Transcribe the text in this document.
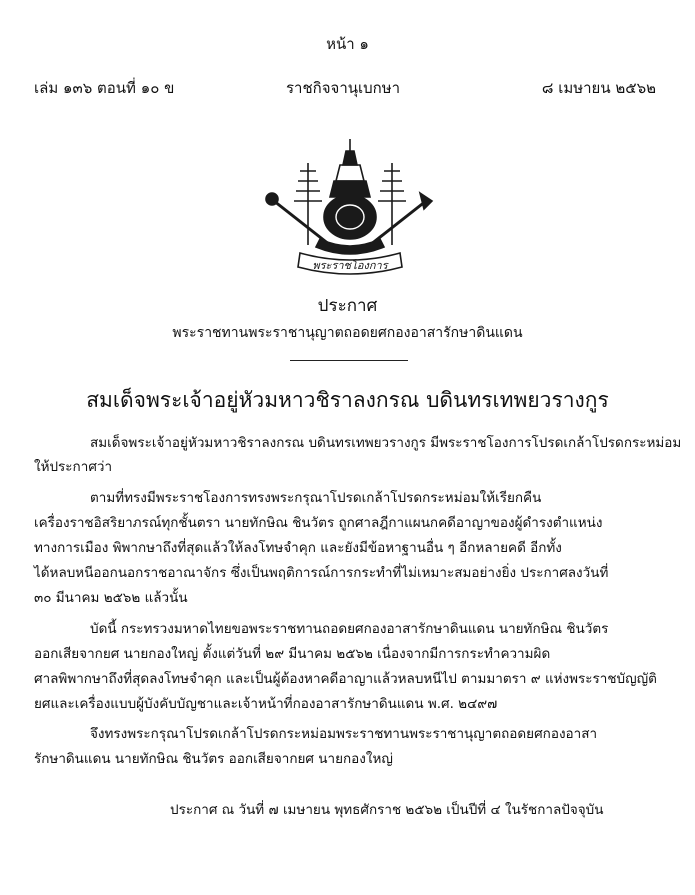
หน้า ๑
เล่ม ๑๓๖ ตอนที่ ๑๐ ข	ราชกิจจานุเบกษา	๘ เมษายน ๒๕๖๒
พระราชโองการ
ประกาศ
พระราชทานพระราชานุญาตถอดยศกองอาสารักษาดินแดน
สมเด็จพระเจ้าอยู่หัวมหาวชิราลงกรณ บดินทรเทพยวรางกูร
สมเด็จพระเจ้าอยู่หัวมหาวชิราลงกรณ บดินทรเทพยวรางกูร มีพระราชโองการโปรดเกล้าโปรดกระหม่อม
ให้ประกาศว่า
ตามที่ทรงมีพระราชโองการทรงพระกรุณาโปรดเกล้าโปรดกระหม่อมให้เรียกคืน
เครื่องราชอิสริยาภรณ์ทุกชั้นตรา นายทักษิณ ชินวัตร ถูกศาลฎีกาแผนกคดีอาญาของผู้ดำรงตำแหน่ง
ทางการเมือง พิพากษาถึงที่สุดแล้วให้ลงโทษจำคุก และยังมีข้อหาฐานอื่น ๆ อีกหลายคดี อีกทั้ง
ได้หลบหนีออกนอกราชอาณาจักร ซึ่งเป็นพฤติการณ์การกระทำที่ไม่เหมาะสมอย่างยิ่ง ประกาศลงวันที่
๓๐ มีนาคม ๒๕๖๒ แล้วนั้น
บัดนี้ กระทรวงมหาดไทยขอพระราชทานถอดยศกองอาสารักษาดินแดน นายทักษิณ ชินวัตร
ออกเสียจากยศ นายกองใหญ่ ตั้งแต่วันที่ ๒๙ มีนาคม ๒๕๖๒ เนื่องจากมีการกระทำความผิด
ศาลพิพากษาถึงที่สุดลงโทษจำคุก และเป็นผู้ต้องหาคดีอาญาแล้วหลบหนีไป ตามมาตรา ๙ แห่งพระราชบัญญัติ
ยศและเครื่องแบบผู้บังคับบัญชาและเจ้าหน้าที่กองอาสารักษาดินแดน พ.ศ. ๒๔๙๗
จึงทรงพระกรุณาโปรดเกล้าโปรดกระหม่อมพระราชทานพระราชานุญาตถอดยศกองอาสา
รักษาดินแดน นายทักษิณ ชินวัตร ออกเสียจากยศ นายกองใหญ่
ประกาศ ณ วันที่ ๗ เมษายน พุทธศักราช ๒๕๖๒ เป็นปีที่ ๔ ในรัชกาลปัจจุบัน
